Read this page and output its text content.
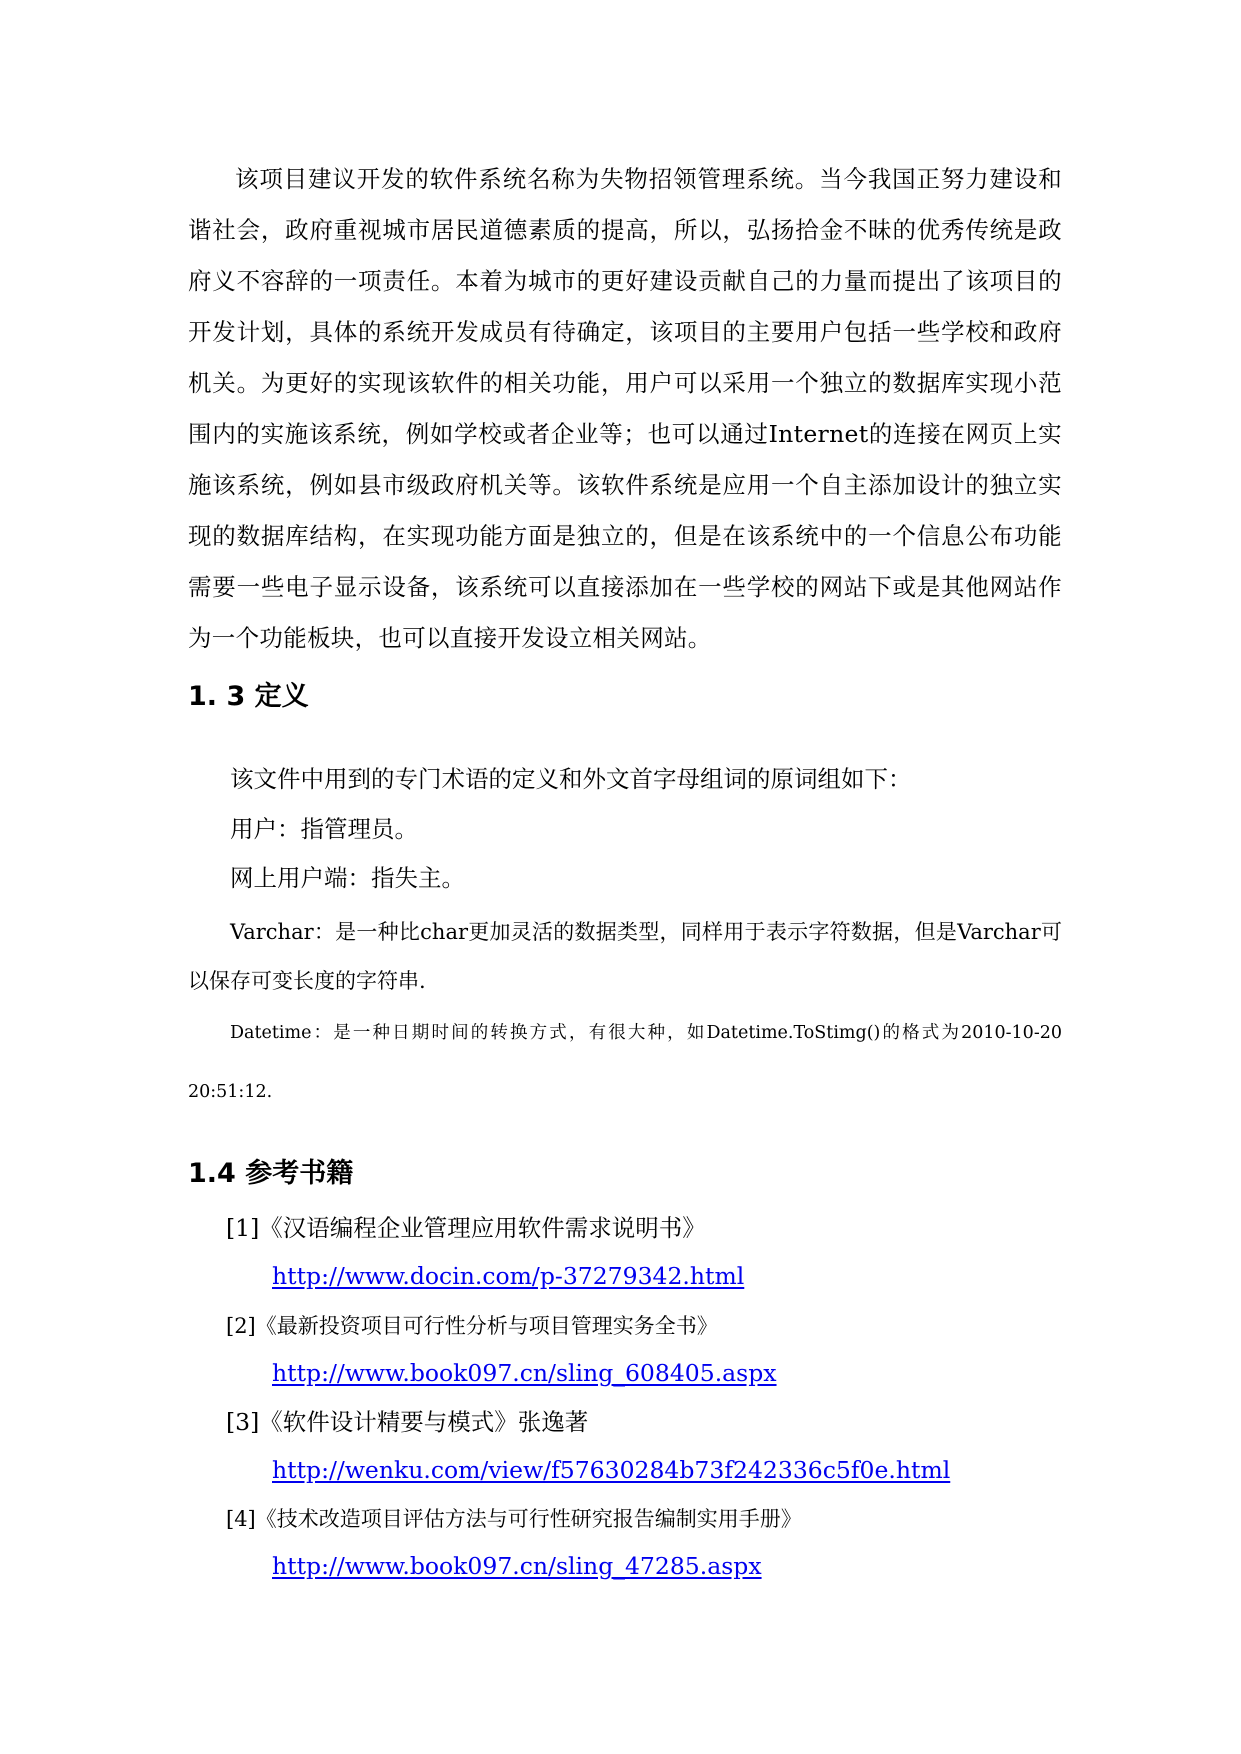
该项目建议开发的软件系统名称为失物招领管理系统。当今我国正努力建设和谐社会，政府重视城市居民道德素质的提高，所以，弘扬拾金不昧的优秀传统是政府义不容辞的一项责任。本着为城市的更好建设贡献自己的力量而提出了该项目的开发计划，具体的系统开发成员有待确定，该项目的主要用户包括一些学校和政府机关。为更好的实现该软件的相关功能，用户可以采用一个独立的数据库实现小范围内的实施该系统，例如学校或者企业等；也可以通过Internet的连接在网页上实施该系统，例如县市级政府机关等。该软件系统是应用一个自主添加设计的独立实现的数据库结构，在实现功能方面是独立的，但是在该系统中的一个信息公布功能需要一些电子显示设备，该系统可以直接添加在一些学校的网站下或是其他网站作为一个功能板块，也可以直接开发设立相关网站。

1. 3 定义

该文件中用到的专门术语的定义和外文首字母组词的原词组如下：

用户：指管理员。

网上用户端：指失主。

Varchar：是一种比char更加灵活的数据类型，同样用于表示字符数据，但是Varchar可以保存可变长度的字符串.

Datetime：是一种日期时间的转换方式，有很大种，如Datetime.ToStimg()的格式为2010-10-20 20:51:12.

1.4 参考书籍

[1]《汉语编程企业管理应用软件需求说明书》

http://www.docin.com/p-37279342.html

[2]《最新投资项目可行性分析与项目管理实务全书》

http://www.book097.cn/sling_608405.aspx

[3]《软件设计精要与模式》张逸著

http://wenku.com/view/f57630284b73f242336c5f0e.html

[4]《技术改造项目评估方法与可行性研究报告编制实用手册》

http://www.book097.cn/sling_47285.aspx
